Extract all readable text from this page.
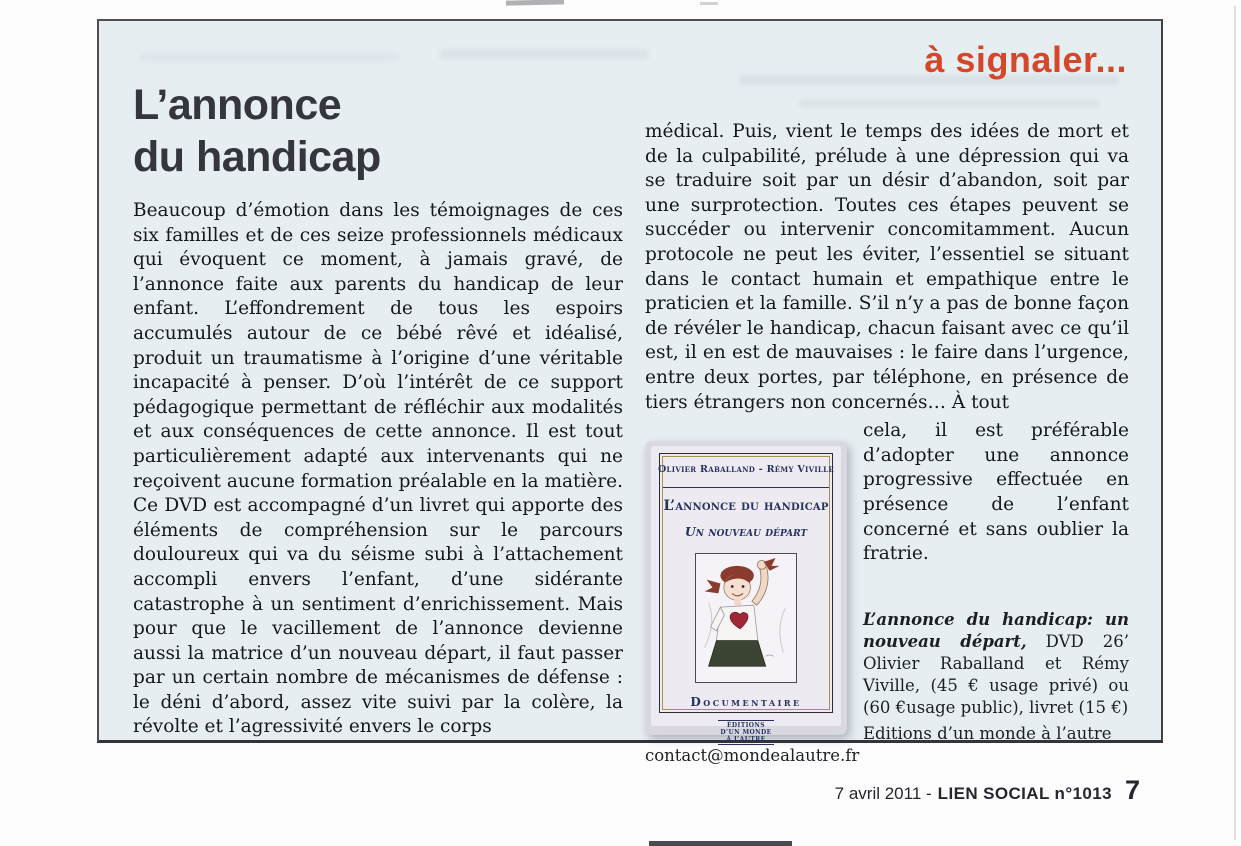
à signaler...
L’annonce
du handicap
Beaucoup d’émotion dans les témoignages de ces six familles et de ces seize professionnels médicaux qui évoquent ce moment, à jamais gravé, de l’annonce faite aux parents du handicap de leur enfant. L’effondrement de tous les espoirs accumulés autour de ce bébé rêvé et idéalisé, produit un traumatisme à l’origine d’une véritable incapacité à penser. D’où l’intérêt de ce support pédagogique permettant de réfléchir aux modalités et aux conséquences de cette annonce. Il est tout particulièrement adapté aux intervenants qui ne reçoivent aucune formation préalable en la matière. Ce DVD est accompagné d’un livret qui apporte des éléments de compréhension sur le parcours douloureux qui va du séisme subi à l’attachement accompli envers l’enfant, d’une sidérante catastrophe à un sentiment d’enrichissement. Mais pour que le vacillement de l’annonce devienne aussi la matrice d’un nouveau départ, il faut passer par un certain nombre de mécanismes de défense : le déni d’abord, assez vite suivi par la colère, la révolte et l’agressivité envers le corps

médical. Puis, vient le temps des idées de mort et de la culpabilité, prélude à une dépression qui va se traduire soit par un désir d’abandon, soit par une surprotection. Toutes ces étapes peuvent se succéder ou intervenir concomitamment. Aucun protocole ne peut les éviter, l’essentiel se situant dans le contact humain et empathique entre le praticien et la famille. S’il n’y a pas de bonne façon de révéler le handicap, chacun faisant avec ce qu’il est, il en est de mauvaises : le faire dans l’urgence, entre deux portes, par téléphone, en présence de tiers étrangers non concernés… À tout

Olivier Raballand - Rémy Viville
L’annonce du handicap
Un nouveau départ
Documentaire
ÉDITIONS
D’UN MONDE
À L’AUTRE

cela, il est préférable d’adopter une annonce progressive effectuée en présence de l’enfant concerné et sans oublier la fratrie.

L’annonce du handicap: un nouveau départ, DVD 26’ Olivier Raballand et Rémy Viville, (45 € usage privé) ou (60 €usage public), livret (15 €)

Editions d’un monde à l’autre
contact@mondealautre.fr
7 avril 2011 - LIEN SOCIAL n°1013 7
